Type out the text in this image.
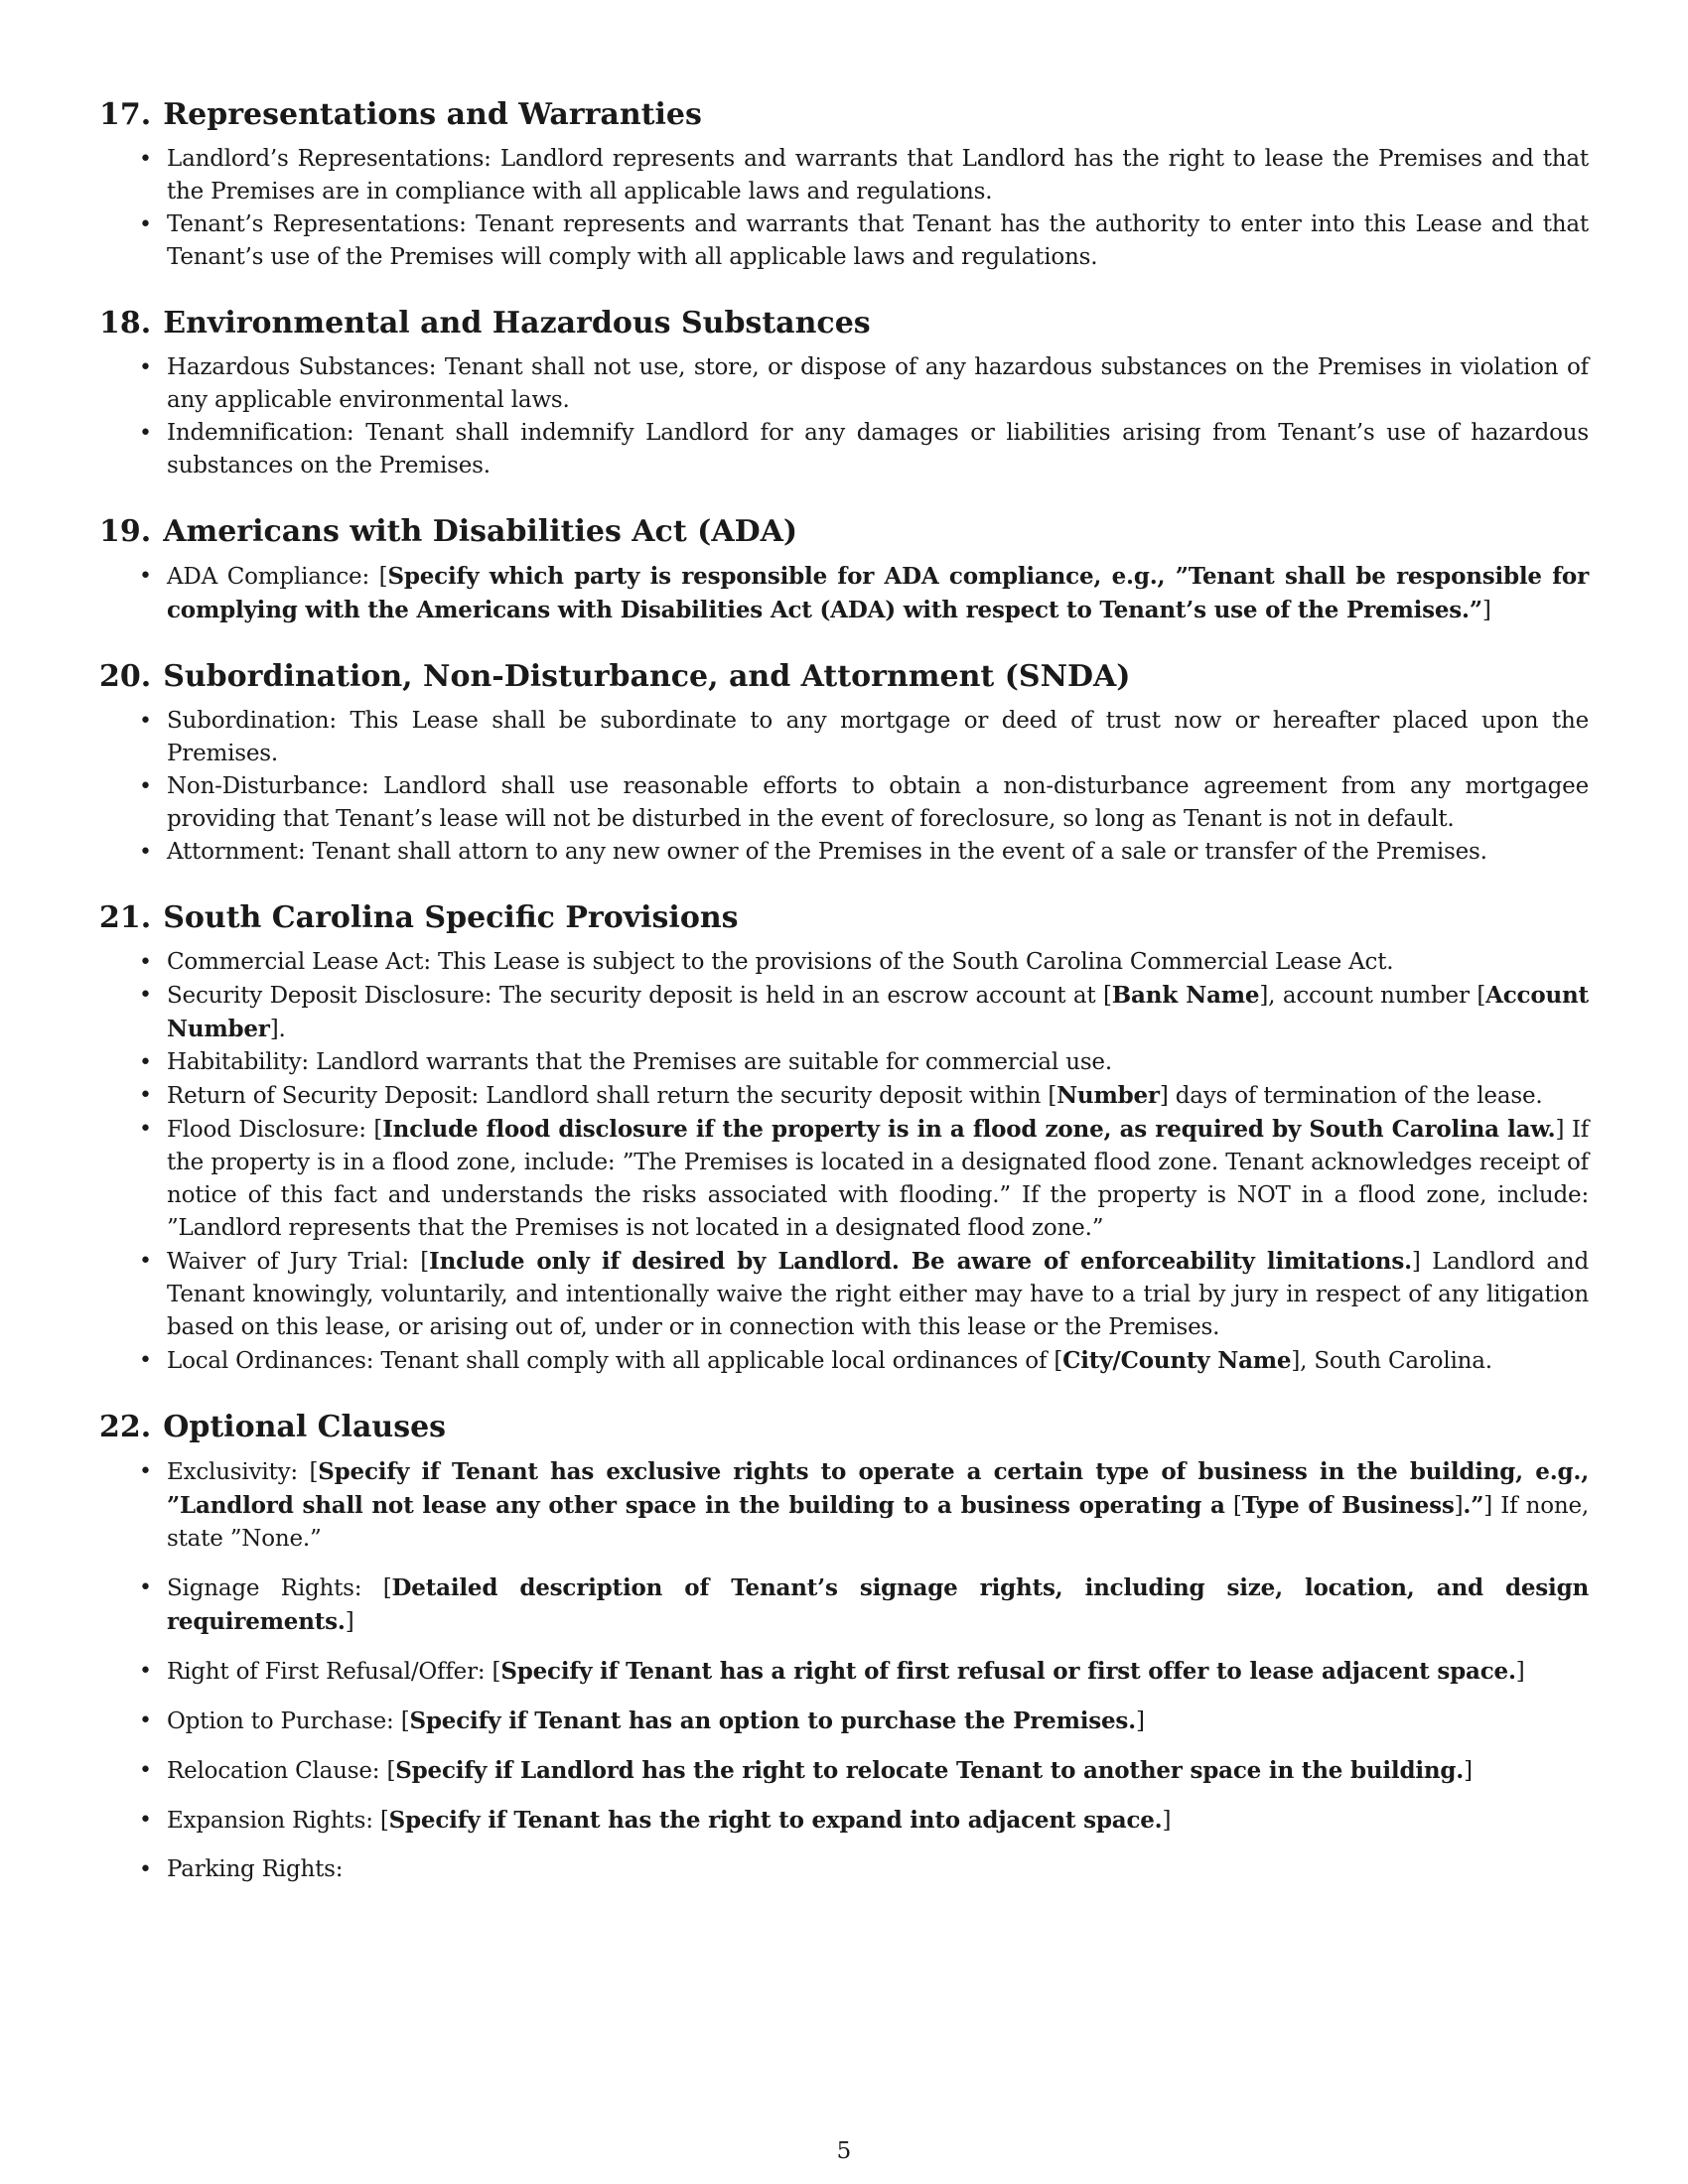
17. Representations and Warranties
• Landlord’s Representations: Landlord represents and warrants that Landlord has the right to lease the Premises and that the Premises are in compliance with all applicable laws and regulations.
• Tenant’s Representations: Tenant represents and warrants that Tenant has the authority to enter into this Lease and that Tenant’s use of the Premises will comply with all applicable laws and regulations.
18. Environmental and Hazardous Substances
• Hazardous Substances: Tenant shall not use, store, or dispose of any hazardous substances on the Premises in violation of any applicable environmental laws.
• Indemnification: Tenant shall indemnify Landlord for any damages or liabilities arising from Tenant’s use of hazardous substances on the Premises.
19. Americans with Disabilities Act (ADA)
• ADA Compliance: [Specify which party is responsible for ADA compliance, e.g., ”Tenant shall be responsible for complying with the Americans with Disabilities Act (ADA) with respect to Tenant’s use of the Premises.”]
20. Subordination, Non-Disturbance, and Attornment (SNDA)
• Subordination: This Lease shall be subordinate to any mortgage or deed of trust now or hereafter placed upon the Premises.
• Non-Disturbance: Landlord shall use reasonable efforts to obtain a non-disturbance agreement from any mortgagee providing that Tenant’s lease will not be disturbed in the event of foreclosure, so long as Tenant is not in default.
• Attornment: Tenant shall attorn to any new owner of the Premises in the event of a sale or transfer of the Premises.
21. South Carolina Specific Provisions
• Commercial Lease Act: This Lease is subject to the provisions of the South Carolina Commercial Lease Act.
• Security Deposit Disclosure: The security deposit is held in an escrow account at [Bank Name], account number [Account Number].
• Habitability: Landlord warrants that the Premises are suitable for commercial use.
• Return of Security Deposit: Landlord shall return the security deposit within [Number] days of termination of the lease.
• Flood Disclosure: [Include flood disclosure if the property is in a flood zone, as required by South Carolina law.] If the property is in a flood zone, include: ”The Premises is located in a designated flood zone. Tenant acknowledges receipt of notice of this fact and understands the risks associated with flooding.” If the property is NOT in a flood zone, include: ”Landlord represents that the Premises is not located in a designated flood zone.”
• Waiver of Jury Trial: [Include only if desired by Landlord. Be aware of enforceability limitations.] Landlord and Tenant knowingly, voluntarily, and intentionally waive the right either may have to a trial by jury in respect of any litigation based on this lease, or arising out of, under or in connection with this lease or the Premises.
• Local Ordinances: Tenant shall comply with all applicable local ordinances of [City/County Name], South Carolina.
22. Optional Clauses
• Exclusivity: [Specify if Tenant has exclusive rights to operate a certain type of business in the building, e.g., ”Landlord shall not lease any other space in the building to a business operating a [Type of Business].”] If none, state ”None.”
• Signage Rights: [Detailed description of Tenant’s signage rights, including size, location, and design requirements.]
• Right of First Refusal/Offer: [Specify if Tenant has a right of first refusal or first offer to lease adjacent space.]
• Option to Purchase: [Specify if Tenant has an option to purchase the Premises.]
• Relocation Clause: [Specify if Landlord has the right to relocate Tenant to another space in the building.]
• Expansion Rights: [Specify if Tenant has the right to expand into adjacent space.]
• Parking Rights:
5
